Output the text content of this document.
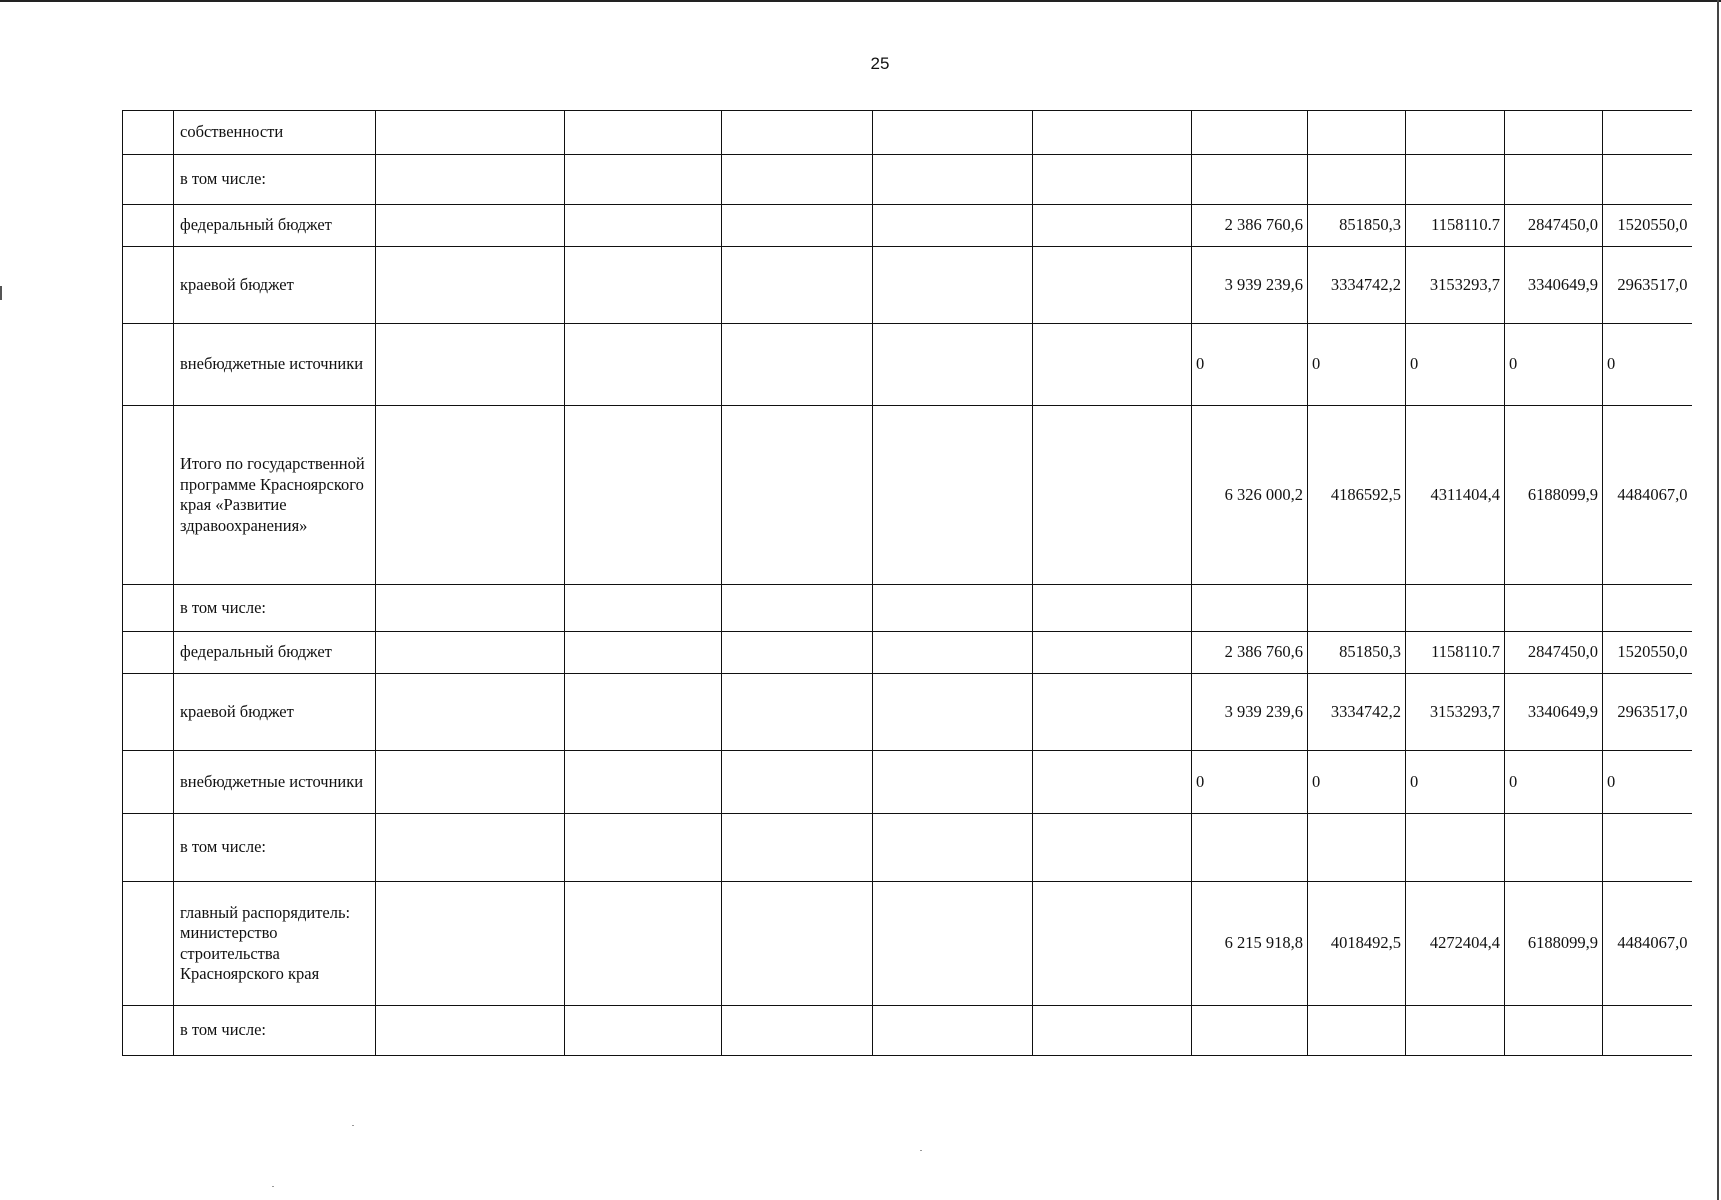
25
	собственности										
	в том числе:										
	федеральный бюджет						2 386 760,6	851850,3	1158110.7	2847450,0	1520550,0
	краевой бюджет						3 939 239,6	3334742,2	3153293,7	3340649,9	2963517,0
	внебюджетные источники						0	0	0	0	0
	Итого по государственной программе Красноярского края «Развитие здравоохранения»						6 326 000,2	4186592,5	4311404,4	6188099,9	4484067,0
	в том числе:										
	федеральный бюджет						2 386 760,6	851850,3	1158110.7	2847450,0	1520550,0
	краевой бюджет						3 939 239,6	3334742,2	3153293,7	3340649,9	2963517,0
	внебюджетные источники						0	0	0	0	0
	в том числе:										
	главный распорядитель: министерство строительства Красноярского края						6 215 918,8	4018492,5	4272404,4	6188099,9	4484067,0
	в том числе:										
